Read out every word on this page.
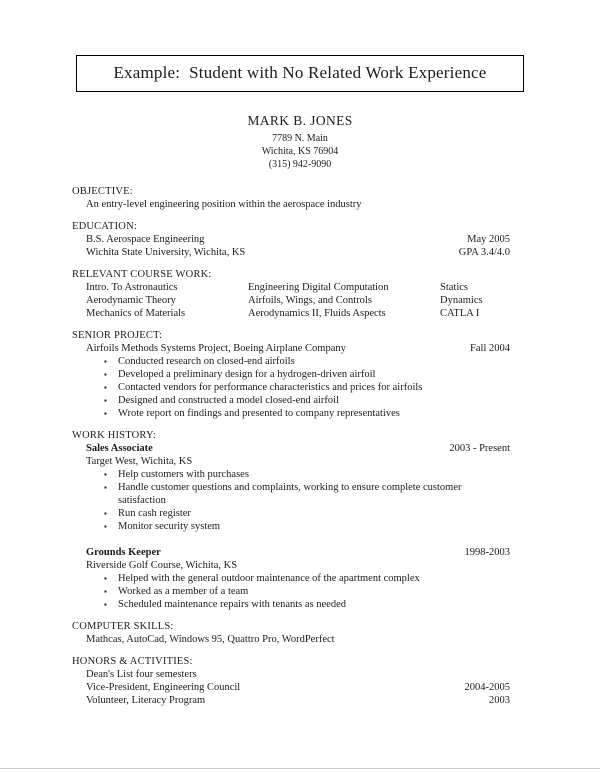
Example:  Student with No Related Work Experience
MARK B. JONES
7789 N. Main
Wichita, KS 76904
(315) 942-9090
OBJECTIVE:
An entry-level engineering position within the aerospace industry
EDUCATION:
B.S. Aerospace Engineering	May 2005
Wichita State University, Wichita, KS	GPA 3.4/4.0
RELEVANT COURSE WORK:
Intro. To Astronautics	Engineering Digital Computation	Statics
Aerodynamic Theory	Airfoils, Wings, and Controls	Dynamics
Mechanics of Materials	Aerodynamics II, Fluids Aspects	CATLA I
SENIOR PROJECT:
Airfoils Methods Systems Project, Boeing Airplane Company	Fall 2004
▪ Conducted research on closed-end airfoils
▪ Developed a preliminary design for a hydrogen-driven airfoil
▪ Contacted vendors for performance characteristics and prices for airfoils
▪ Designed and constructed a model closed-end airfoil
▪ Wrote report on findings and presented to company representatives
WORK HISTORY:
Sales Associate	2003 - Present
Target West, Wichita, KS
▪ Help customers with purchases
▪ Handle customer questions and complaints, working to ensure complete customer satisfaction
▪ Run cash register
▪ Monitor security system
Grounds Keeper	1998-2003
Riverside Golf Course, Wichita, KS
▪ Helped with the general outdoor maintenance of the apartment complex
▪ Worked as a member of a team
▪ Scheduled maintenance repairs with tenants as needed
COMPUTER SKILLS:
Mathcas, AutoCad, Windows 95, Quattro Pro, WordPerfect
HONORS & ACTIVITIES:
Dean's List four semesters
Vice-President, Engineering Council	2004-2005
Volunteer, Literacy Program	2003
